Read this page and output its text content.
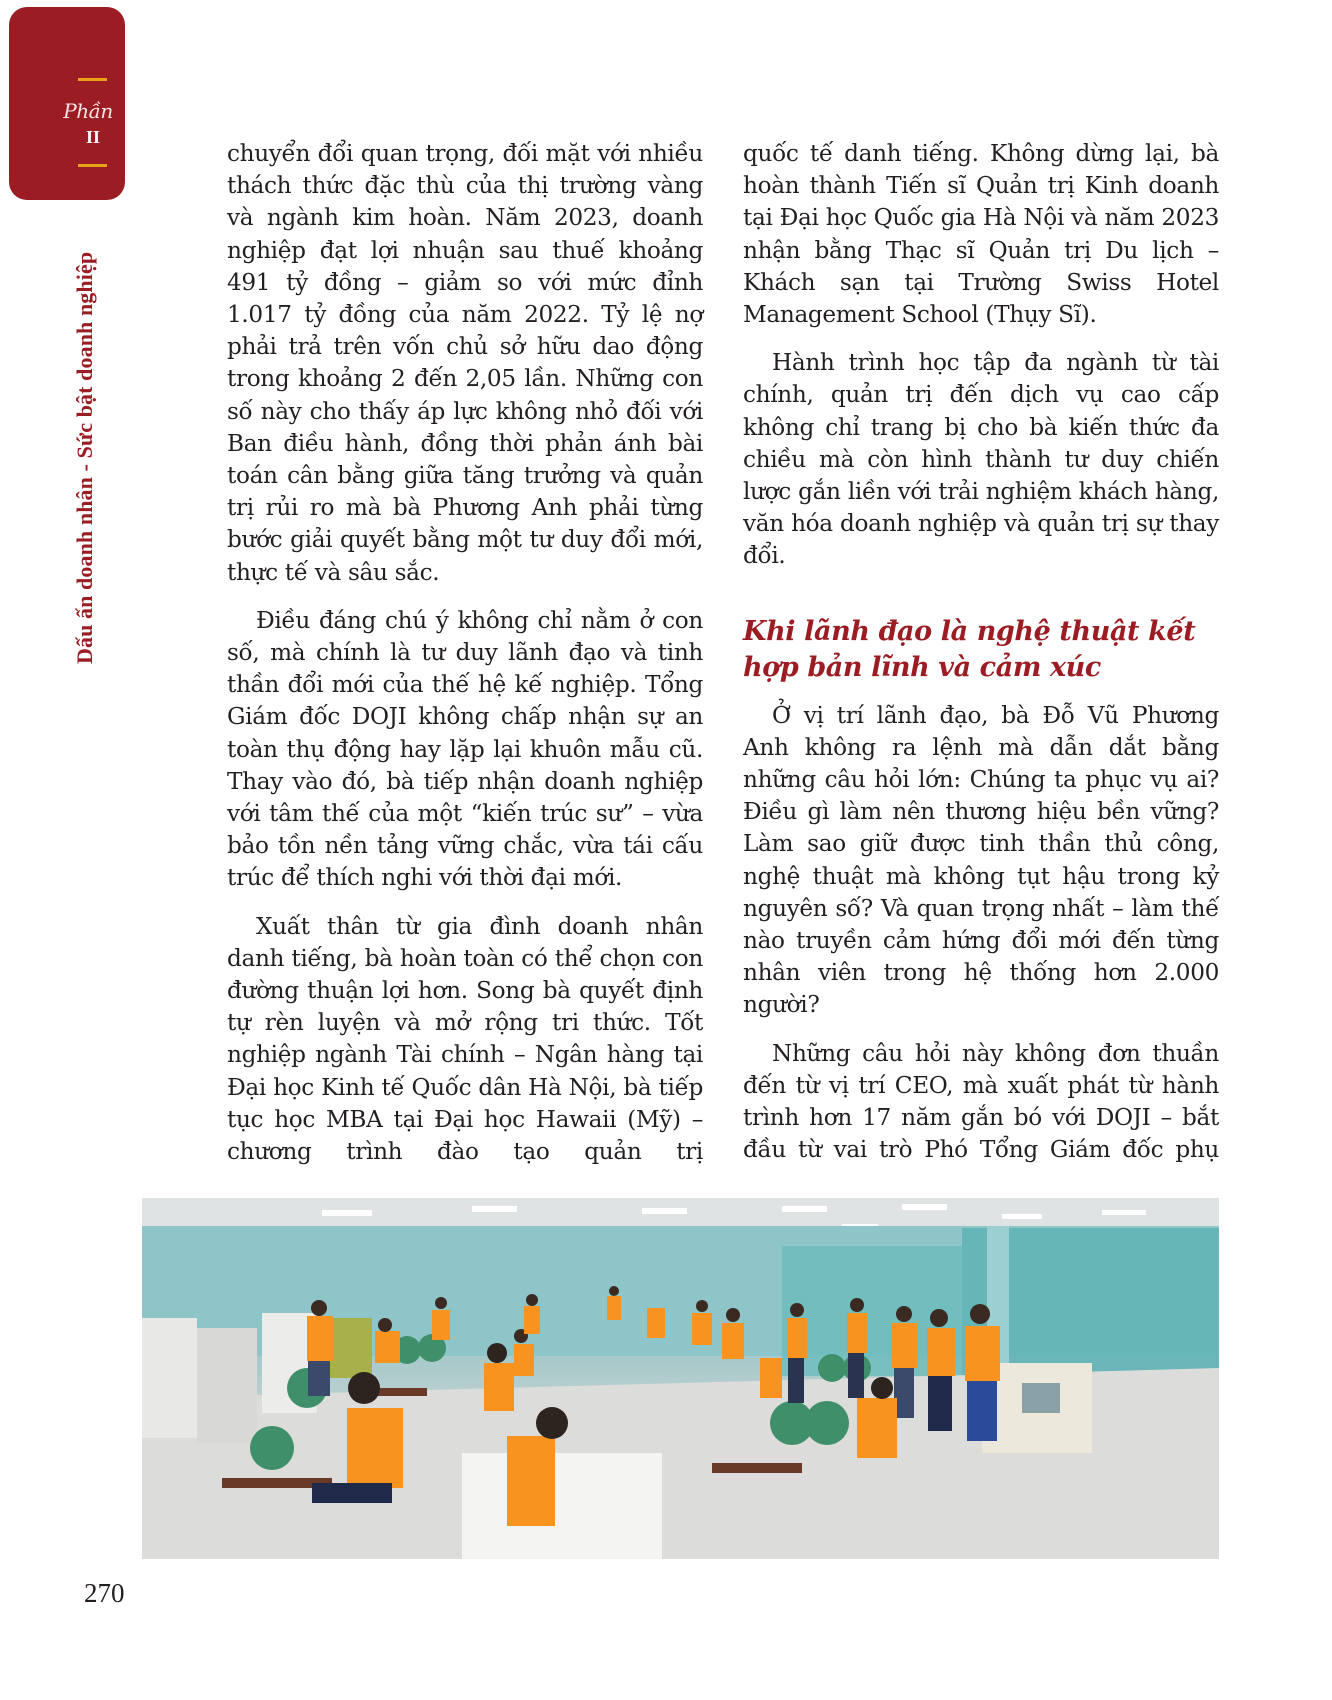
Phần
II
Dấu ấn doanh nhân - Sức bật doanh nghiệp

chuyển đổi quan trọng, đối mặt với nhiều thách thức đặc thù của thị trường vàng và ngành kim hoàn. Năm 2023, doanh nghiệp đạt lợi nhuận sau thuế khoảng 491 tỷ đồng – giảm so với mức đỉnh 1.017 tỷ đồng của năm 2022. Tỷ lệ nợ phải trả trên vốn chủ sở hữu dao động trong khoảng 2 đến 2,05 lần. Những con số này cho thấy áp lực không nhỏ đối với Ban điều hành, đồng thời phản ánh bài toán cân bằng giữa tăng trưởng và quản trị rủi ro mà bà Phương Anh phải từng bước giải quyết bằng một tư duy đổi mới, thực tế và sâu sắc.

Điều đáng chú ý không chỉ nằm ở con số, mà chính là tư duy lãnh đạo và tinh thần đổi mới của thế hệ kế nghiệp. Tổng Giám đốc DOJI không chấp nhận sự an toàn thụ động hay lặp lại khuôn mẫu cũ. Thay vào đó, bà tiếp nhận doanh nghiệp với tâm thế của một “kiến trúc sư” – vừa bảo tồn nền tảng vững chắc, vừa tái cấu trúc để thích nghi với thời đại mới.

Xuất thân từ gia đình doanh nhân danh tiếng, bà hoàn toàn có thể chọn con đường thuận lợi hơn. Song bà quyết định tự rèn luyện và mở rộng tri thức. Tốt nghiệp ngành Tài chính – Ngân hàng tại Đại học Kinh tế Quốc dân Hà Nội, bà tiếp tục học MBA tại Đại học Hawaii (Mỹ) – chương trình đào tạo quản trị

quốc tế danh tiếng. Không dừng lại, bà hoàn thành Tiến sĩ Quản trị Kinh doanh tại Đại học Quốc gia Hà Nội và năm 2023 nhận bằng Thạc sĩ Quản trị Du lịch – Khách sạn tại Trường Swiss Hotel Management School (Thụy Sĩ).

Hành trình học tập đa ngành từ tài chính, quản trị đến dịch vụ cao cấp không chỉ trang bị cho bà kiến thức đa chiều mà còn hình thành tư duy chiến lược gắn liền với trải nghiệm khách hàng, văn hóa doanh nghiệp và quản trị sự thay đổi.

Khi lãnh đạo là nghệ thuật kết hợp bản lĩnh và cảm xúc

Ở vị trí lãnh đạo, bà Đỗ Vũ Phương Anh không ra lệnh mà dẫn dắt bằng những câu hỏi lớn: Chúng ta phục vụ ai? Điều gì làm nên thương hiệu bền vững? Làm sao giữ được tinh thần thủ công, nghệ thuật mà không tụt hậu trong kỷ nguyên số? Và quan trọng nhất – làm thế nào truyền cảm hứng đổi mới đến từng nhân viên trong hệ thống hơn 2.000 người?

Những câu hỏi này không đơn thuần đến từ vị trí CEO, mà xuất phát từ hành trình hơn 17 năm gắn bó với DOJI – bắt đầu từ vai trò Phó Tổng Giám đốc phụ

270
